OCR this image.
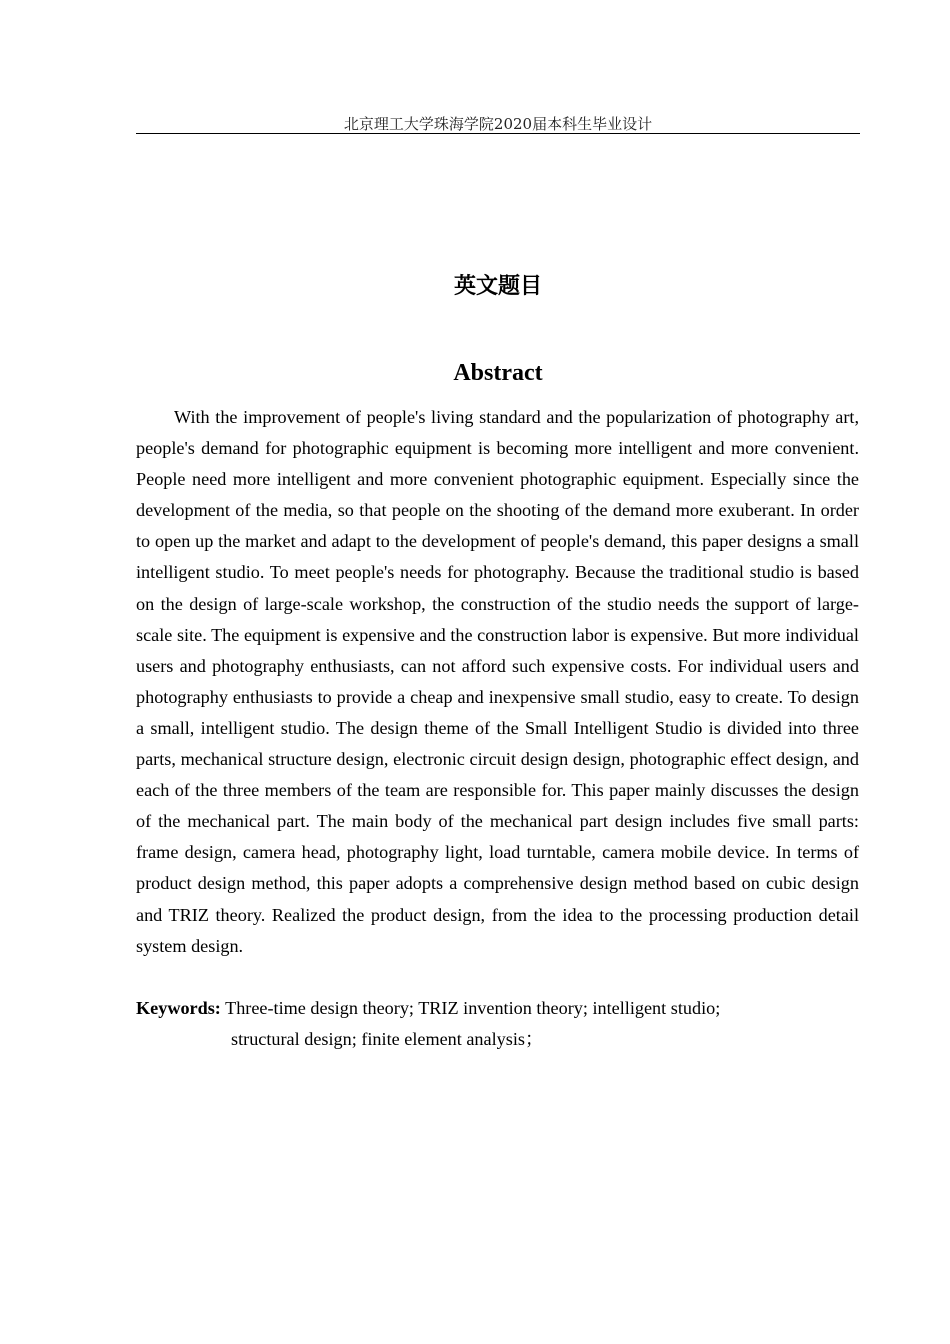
北京理工大学珠海学院2020届本科生毕业设计
英文题目
Abstract

With the improvement of people's living standard and the popularization of photography art, people's demand for photographic equipment is becoming more intelligent and more convenient. People need more intelligent and more convenient photographic equipment. Especially since the development of the media, so that people on the shooting of the demand more exuberant. In order to open up the market and adapt to the development of people's demand, this paper designs a small intelligent studio. To meet people's needs for photography. Because the traditional studio is based on the design of large-scale workshop, the construction of the studio needs the support of large-scale site. The equipment is expensive and the construction labor is expensive. But more individual users and photography enthusiasts, can not afford such expensive costs. For individual users and photography enthusiasts to provide a cheap and inexpensive small studio, easy to create. To design a small, intelligent studio. The design theme of the Small Intelligent Studio is divided into three parts, mechanical structure design, electronic circuit design design, photographic effect design, and each of the three members of the team are responsible for. This paper mainly discusses the design of the mechanical part. The main body of the mechanical part design includes five small parts: frame design, camera head, photography light, load turntable, camera mobile device. In terms of product design method, this paper adopts a comprehensive design method based on cubic design and TRIZ theory. Realized the product design, from the idea to the processing production detail system design.

Keywords: Three-time design theory; TRIZ invention theory; intelligent studio;
structural design; finite element analysis；
